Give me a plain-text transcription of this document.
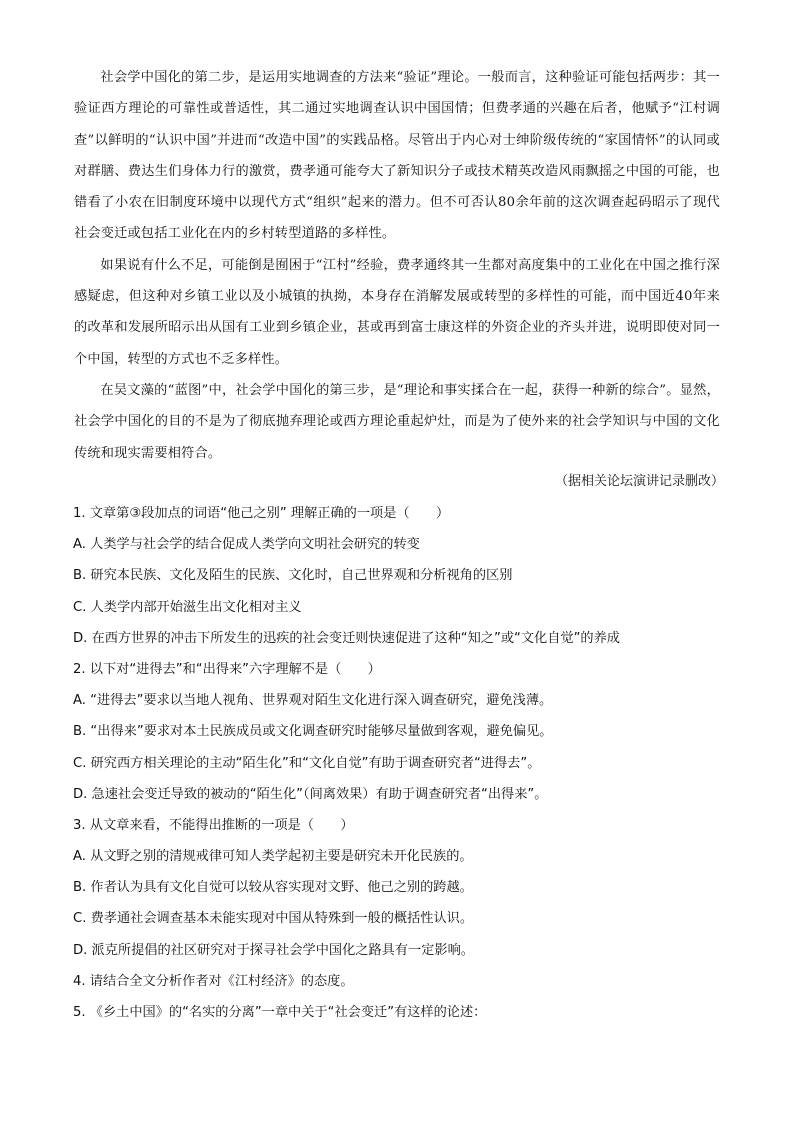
社会学中国化的第二步，是运用实地调查的方法来“验证”理论。一般而言，这种验证可能包括两步：其一验证西方理论的可靠性或普适性，其二通过实地调查认识中国国情；但费孝通的兴趣在后者，他赋予“江村调查”以鲜明的“认识中国”并进而“改造中国”的实践品格。尽管出于内心对士绅阶级传统的“家国情怀”的认同或对群膳、费达生们身体力行的激赏，费孝通可能夸大了新知识分子或技术精英改造风雨飘摇之中国的可能，也错看了小农在旧制度环境中以现代方式“组织”起来的潜力。但不可否认80余年前的这次调查起码昭示了现代社会变迁或包括工业化在内的乡村转型道路的多样性。

如果说有什么不足，可能倒是囿困于“江村”经验，费孝通终其一生都对高度集中的工业化在中国之推行深感疑虑，但这种对乡镇工业以及小城镇的执拗，本身存在消解发展或转型的多样性的可能，而中国近40年来的改革和发展所昭示出从国有工业到乡镇企业，甚或再到富士康这样的外资企业的齐头并进，说明即使对同一个中国，转型的方式也不乏多样性。

在吴文藻的“蓝图”中，社会学中国化的第三步，是“理论和事实揉合在一起，获得一种新的综合”。显然，社会学中国化的目的不是为了彻底抛弃理论或西方理论重起炉灶，而是为了使外来的社会学知识与中国的文化传统和现实需要相符合。

（据相关论坛演讲记录删改）
1. 文章第③段加点的词语“他己之别” 理解正确的一项是（　　）
A. 人类学与社会学的结合促成人类学向文明社会研究的转变
B. 研究本民族、文化及陌生的民族、文化时，自己世界观和分析视角的区别
C. 人类学内部开始滋生出文化相对主义
D. 在西方世界的冲击下所发生的迅疾的社会变迁则快速促进了这种“知之”或“文化自觉”的养成
2. 以下对“进得去”和“出得来”六字理解不是（　　）
A. “进得去”要求以当地人视角、世界观对陌生文化进行深入调查研究，避免浅薄。
B. “出得来”要求对本土民族成员或文化调查研究时能够尽量做到客观，避免偏见。
C. 研究西方相关理论的主动“陌生化”和“文化自觉”有助于调查研究者“进得去”。
D. 急速社会变迁导致的被动的“陌生化”（间离效果）有助于调查研究者“出得来”。
3. 从文章来看，不能得出推断的一项是（　　）
A. 从文野之别的清规戒律可知人类学起初主要是研究未开化民族的。
B. 作者认为具有文化自觉可以较从容实现对文野、他己之别的跨越。
C. 费孝通社会调查基本未能实现对中国从特殊到一般的概括性认识。
D. 派克所提倡的社区研究对于探寻社会学中国化之路具有一定影响。
4. 请结合全文分析作者对《江村经济》的态度。
5. 《乡土中国》的“名实的分离”一章中关于“社会变迁”有这样的论述：
